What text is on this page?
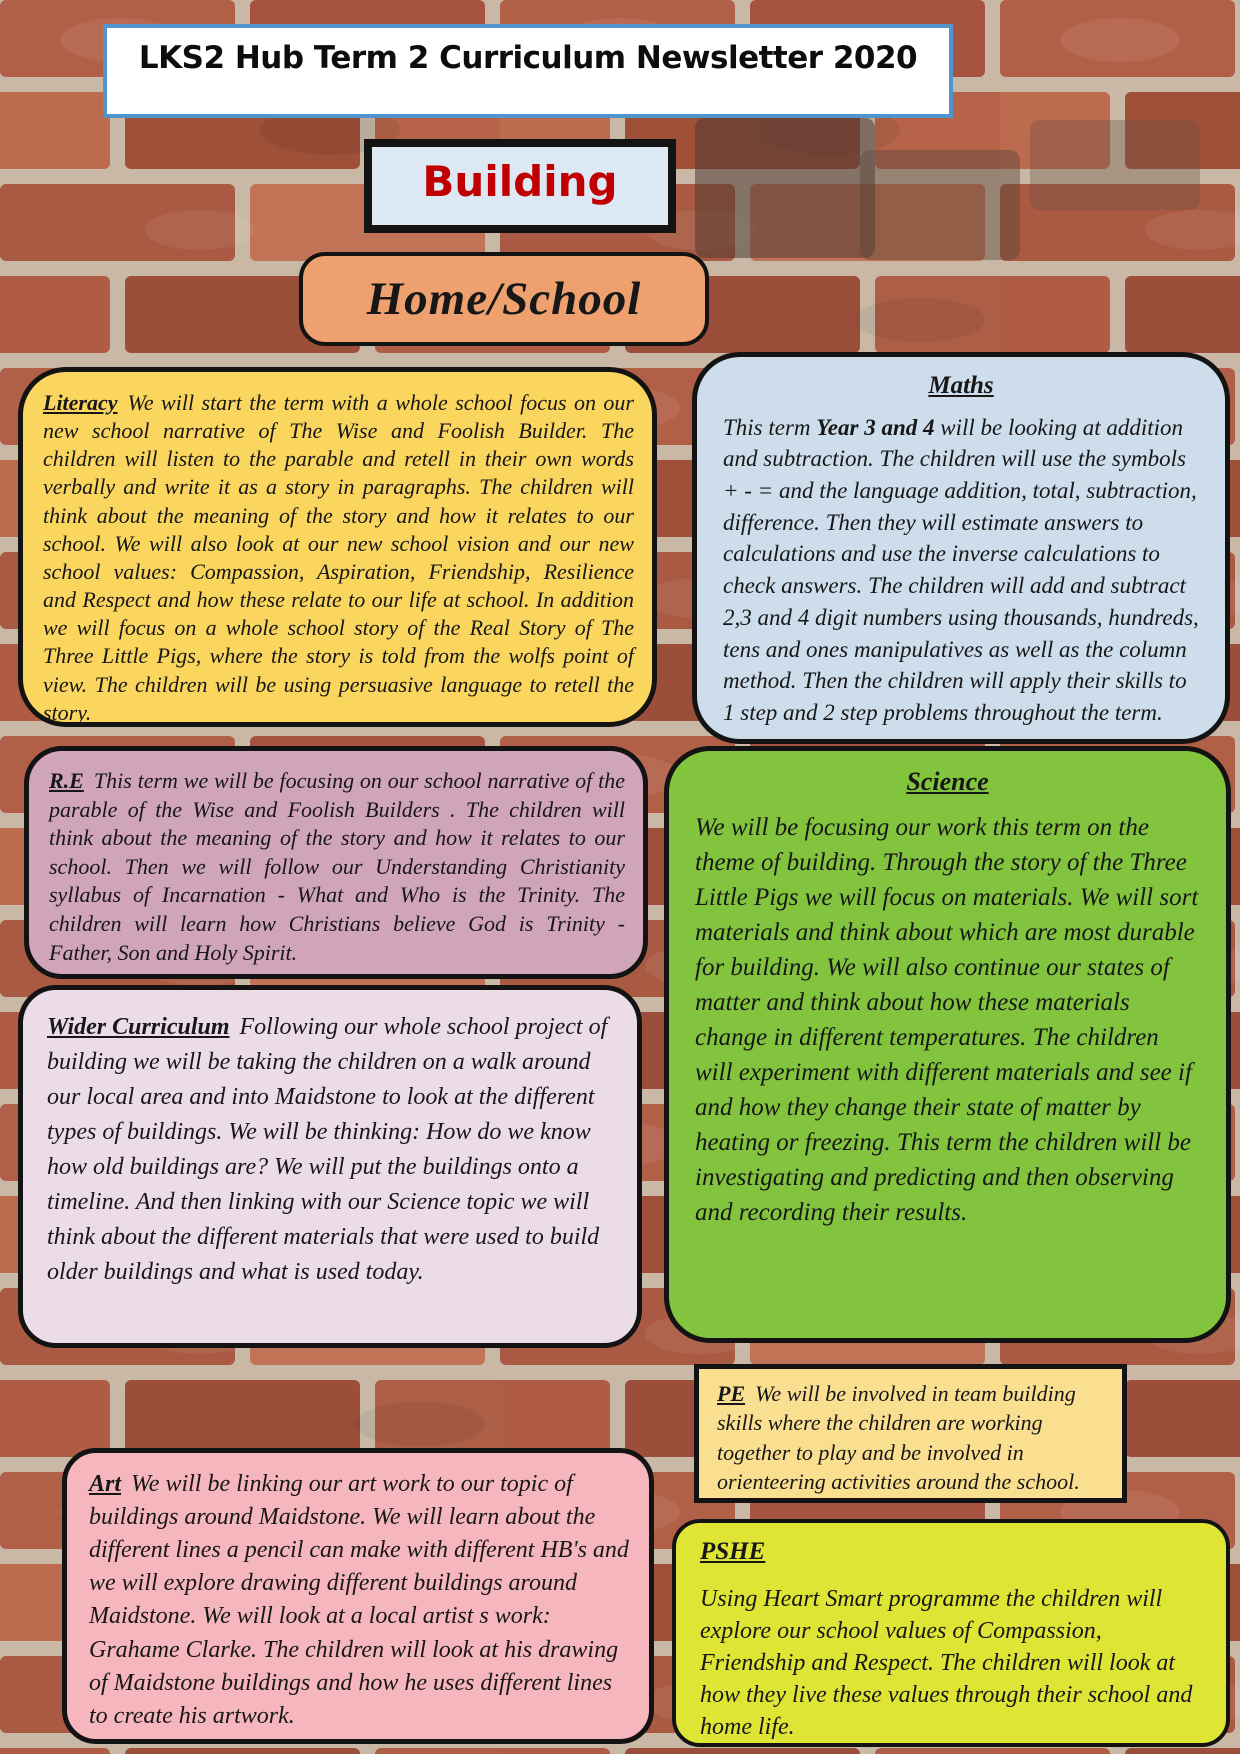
LKS2 Hub Term 2 Curriculum Newsletter 2020
Building
Home/School

Literacy We will start the term with a whole school focus on our new school narrative of The Wise and Foolish Builder. The children will listen to the parable and retell in their own words verbally and write it as a story in paragraphs. The children will think about the meaning of the story and how it relates to our school. We will also look at our new school vision and our new school values: Compassion, Aspiration, Friendship, Resilience and Respect and how these relate to our life at school. In addition we will focus on a whole school story of the Real Story of The Three Little Pigs, where the story is told from the wolfs point of view. The children will be using persuasive language to retell the story.

Maths

This term Year 3 and 4 will be looking at addition and subtraction. The children will use the symbols + - = and the language addition, total, subtraction, difference. Then they will estimate answers to calculations and use the inverse calculations to check answers. The children will add and subtract 2,3 and 4 digit numbers using thousands, hundreds, tens and ones manipulatives as well as the column method. Then the children will apply their skills to 1 step and 2 step problems throughout the term.

R.E This term we will be focusing on our school narrative of the parable of the Wise and Foolish Builders . The children will think about the meaning of the story and how it relates to our school. Then we will follow our Understanding Christianity syllabus of Incarnation - What and Who is the Trinity. The children will learn how Christians believe God is Trinity - Father, Son and Holy Spirit.

Science

We will be focusing our work this term on the theme of building. Through the story of the Three Little Pigs we will focus on materials. We will sort materials and think about which are most durable for building. We will also continue our states of matter and think about how these materials change in different temperatures. The children will experiment with different materials and see if and how they change their state of matter by heating or freezing. This term the children will be investigating and predicting and then observing and recording their results.

Wider Curriculum Following our whole school project of building we will be taking the children on a walk around our local area and into Maidstone to look at the different types of buildings. We will be thinking: How do we know how old buildings are? We will put the buildings onto a timeline. And then linking with our Science topic we will think about the different materials that were used to build older buildings and what is used today.

PE We will be involved in team building skills where the children are working together to play and be involved in orienteering activities around the school.

Art We will be linking our art work to our topic of buildings around Maidstone. We will learn about the different lines a pencil can make with different HB's and we will explore drawing different buildings around Maidstone. We will look at a local artist s work: Grahame Clarke. The children will look at his drawing of Maidstone buildings and how he uses different lines to create his artwork.

PSHE

Using Heart Smart programme the children will explore our school values of Compassion, Friendship and Respect. The children will look at how they live these values through their school and home life.
